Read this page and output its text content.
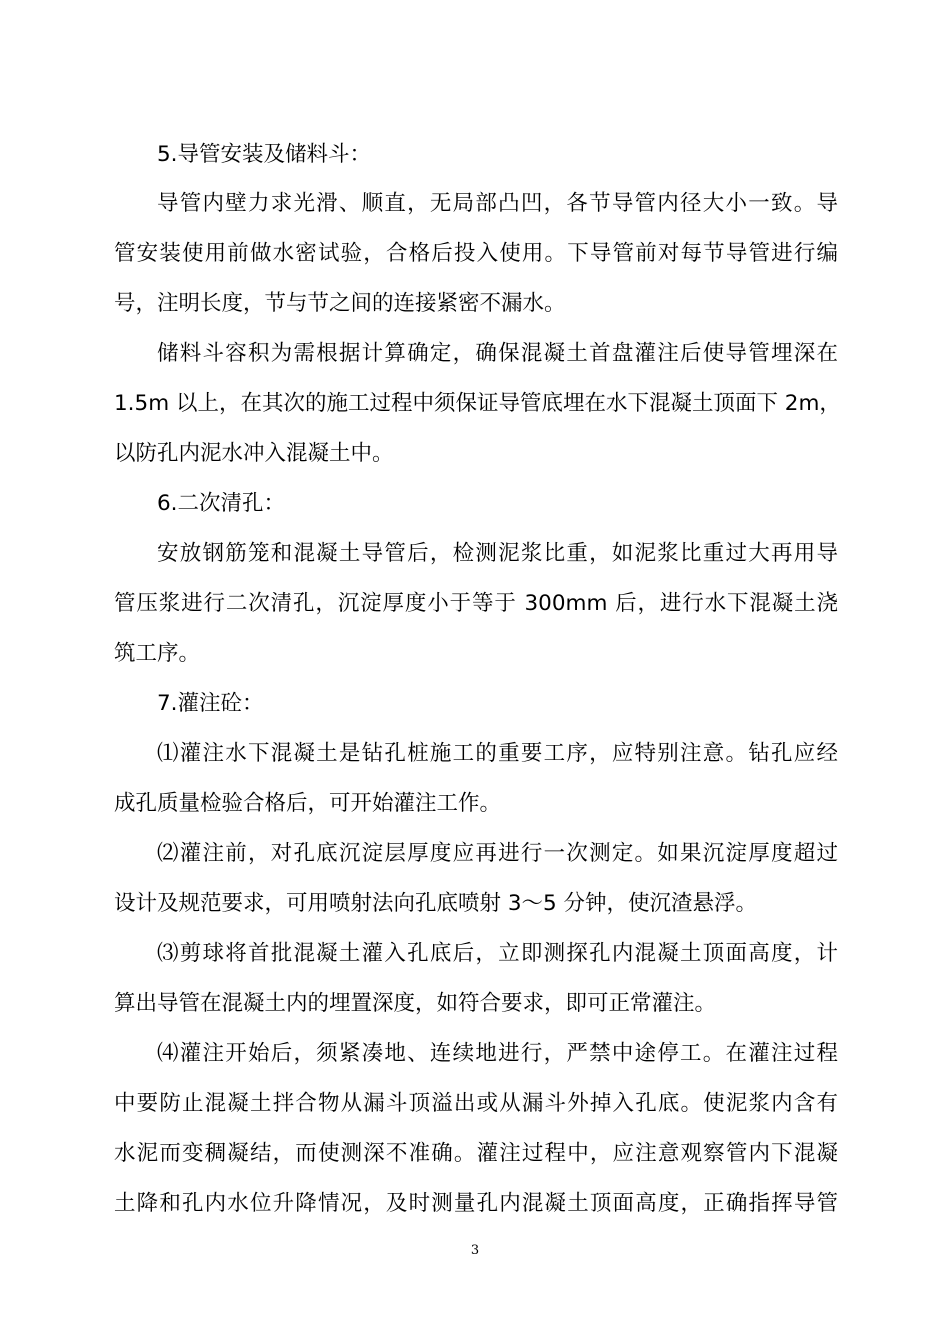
5.导管安装及储料斗：
导管内壁力求光滑、顺直，无局部凸凹，各节导管内径大小一致。导
管安装使用前做水密试验，合格后投入使用。下导管前对每节导管进行编
号，注明长度，节与节之间的连接紧密不漏水。
储料斗容积为需根据计算确定，确保混凝土首盘灌注后使导管埋深在
1.5m 以上，在其次的施工过程中须保证导管底埋在水下混凝土顶面下 2m，
以防孔内泥水冲入混凝土中。
6.二次清孔：
安放钢筋笼和混凝土导管后，检测泥浆比重，如泥浆比重过大再用导
管压浆进行二次清孔，沉淀厚度小于等于 300mm 后，进行水下混凝土浇
筑工序。
7.灌注砼：
⑴灌注水下混凝土是钻孔桩施工的重要工序，应特别注意。钻孔应经
成孔质量检验合格后，可开始灌注工作。
⑵灌注前，对孔底沉淀层厚度应再进行一次测定。如果沉淀厚度超过
设计及规范要求，可用喷射法向孔底喷射 3～5 分钟，使沉渣悬浮。
⑶剪球将首批混凝土灌入孔底后，立即测探孔内混凝土顶面高度，计
算出导管在混凝土内的埋置深度，如符合要求，即可正常灌注。
⑷灌注开始后，须紧凑地、连续地进行，严禁中途停工。在灌注过程
中要防止混凝土拌合物从漏斗顶溢出或从漏斗外掉入孔底。使泥浆内含有
水泥而变稠凝结，而使测深不准确。灌注过程中，应注意观察管内下混凝
土降和孔内水位升降情况，及时测量孔内混凝土顶面高度，正确指挥导管
3
